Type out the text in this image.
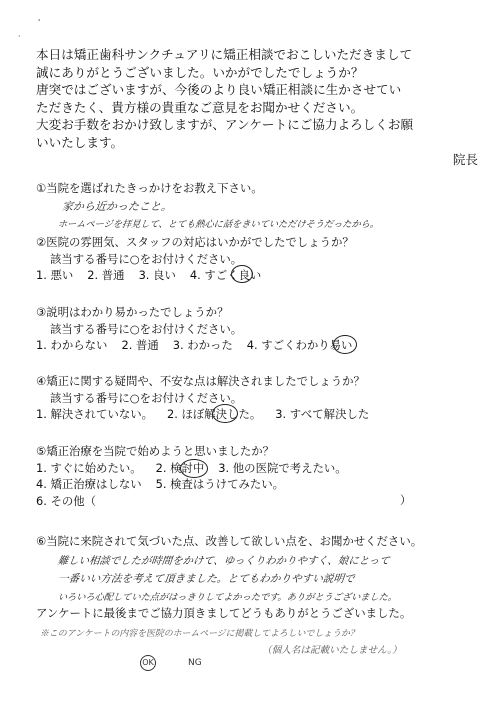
'
·
本日は矯正歯科サンクチュアリに矯正相談でおこしいただきまして
誠にありがとうございました。いかがでしたでしょうか？
唐突ではございますが、今後のより良い矯正相談に生かさせてい
ただきたく、貴方様の貴重なご意見をお聞かせください。
大変お手数をおかけ致しますが、アンケートにご協力よろしくお願
いいたします。
院長
①当院を選ばれたきっかけをお教え下さい。
家から近かったこと。
ホームページを拝見して、とても熱心に話をきいていただけそうだったから。
②医院の雰囲気、スタッフの対応はいかがでしたでしょうか？
該当する番号に○をお付けください。
1. 悪い 2. 普通 3. 良い 4. すごく良い
③説明はわかり易かったでしょうか？
該当する番号に○をお付けください。
1. わからない 2. 普通 3. わかった 4. すごくわかり易い
④矯正に関する疑問や、不安な点は解決されましたでしょうか？
該当する番号に○をお付けください。
1. 解決されていない。 2. ほぼ解決した。 3. すべて解決した
⑤矯正治療を当院で始めようと思いましたか？
1. すぐに始めたい。 2. 検討中 3. 他の医院で考えたい。
4. 矯正治療はしない 5. 検査はうけてみたい。
6. その他（	）
⑥当院に来院されて気づいた点、改善して欲しい点を、お聞かせください。
難しい相談でしたが時間をかけて、ゆっくりわかりやすく、娘にとって
一番いい方法を考えて頂きました。とてもわかりやすい説明で
いろいろ心配していた点がはっきりしてよかったです。ありがとうございました。
アンケートに最後までご協力頂きましてどうもありがとうございました。
※このアンケートの内容を医院のホームページに掲載してよろしいでしょうか？
（個人名は記載いたしません。）
OK	NG
